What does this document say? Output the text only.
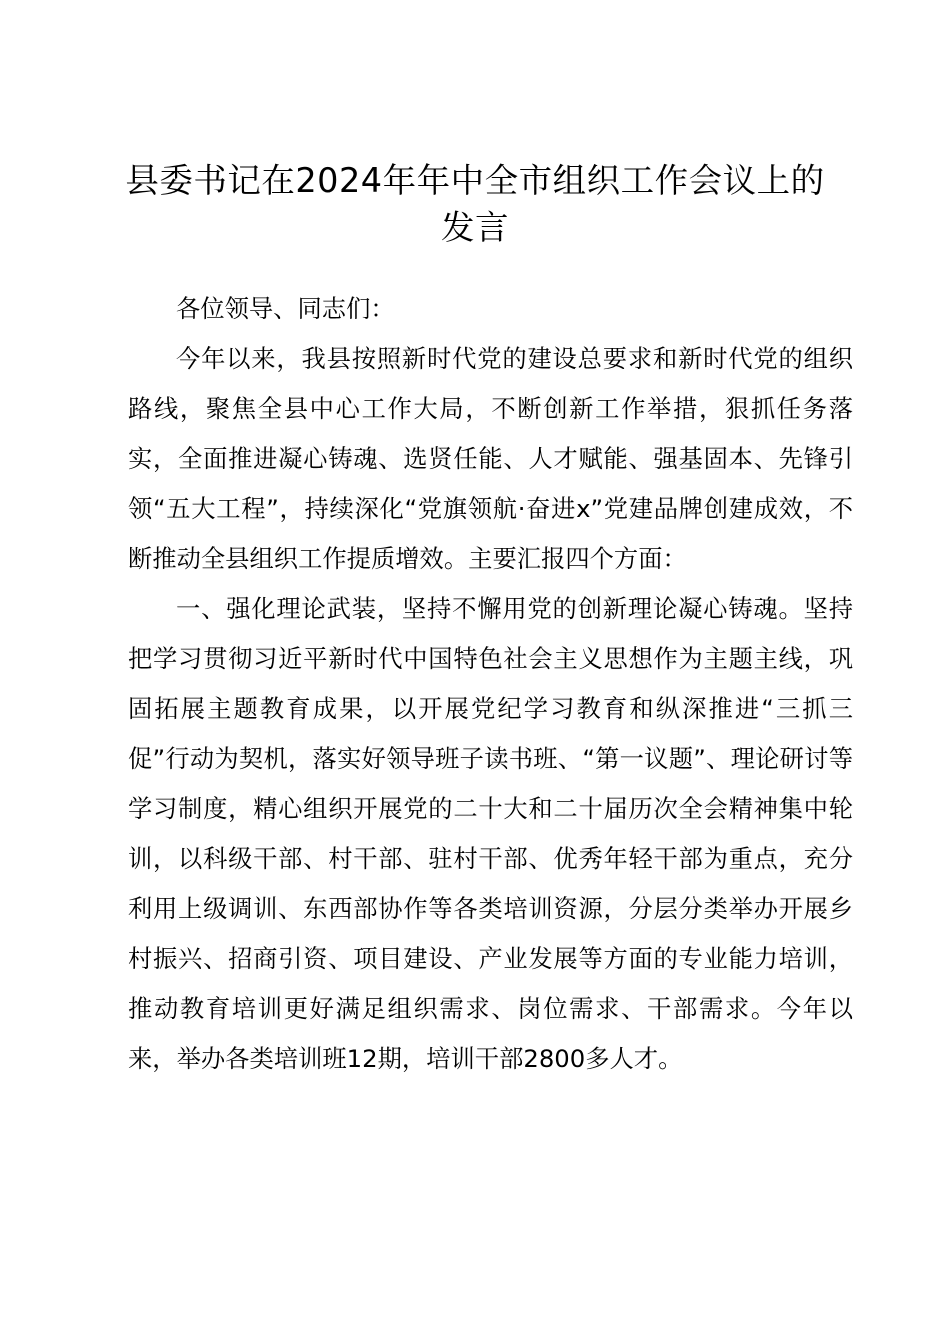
县委书记在2024年年中全市组织工作会议上的发言

各位领导、同志们：

今年以来，我县按照新时代党的建设总要求和新时代党的组织路线，聚焦全县中心工作大局，不断创新工作举措，狠抓任务落实，全面推进凝心铸魂、选贤任能、人才赋能、强基固本、先锋引领“五大工程”，持续深化“党旗领航·奋进x”党建品牌创建成效，不断推动全县组织工作提质增效。主要汇报四个方面：

一、强化理论武装，坚持不懈用党的创新理论凝心铸魂。坚持把学习贯彻习近平新时代中国特色社会主义思想作为主题主线，巩固拓展主题教育成果，以开展党纪学习教育和纵深推进“三抓三促”行动为契机，落实好领导班子读书班、“第一议题”、理论研讨等学习制度，精心组织开展党的二十大和二十届历次全会精神集中轮训，以科级干部、村干部、驻村干部、优秀年轻干部为重点，充分利用上级调训、东西部协作等各类培训资源，分层分类举办开展乡村振兴、招商引资、项目建设、产业发展等方面的专业能力培训，推动教育培训更好满足组织需求、岗位需求、干部需求。今年以来，举办各类培训班12期，培训干部2800多人才。
